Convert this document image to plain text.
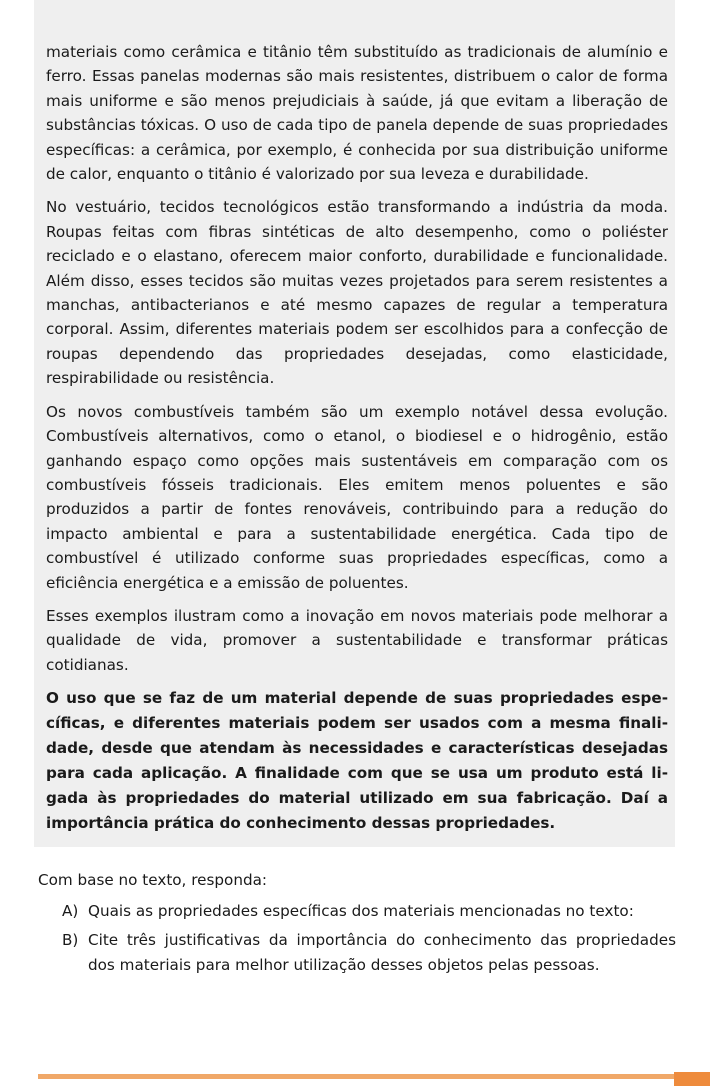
materiais como cerâmica e titânio têm substituído as tradicionais de alumínio e ferro. Essas panelas modernas são mais resistentes, distribuem o calor de forma mais uniforme e são menos prejudiciais à saúde, já que evitam a liberação de substâncias tóxicas. O uso de cada tipo de panela depende de suas propriedades específicas: a cerâmica, por exemplo, é conhecida por sua distribuição uniforme de calor, enquanto o titânio é valorizado por sua leveza e durabilidade.

No vestuário, tecidos tecnológicos estão transformando a indústria da moda. Roupas feitas com fibras sintéticas de alto desempenho, como o poliéster reciclado e o elastano, oferecem maior conforto, durabilidade e funcionalidade. Além disso, esses tecidos são muitas vezes projetados para serem resistentes a manchas, antibacterianos e até mesmo capazes de regular a temperatura corporal. Assim, diferentes materiais podem ser escolhidos para a confecção de roupas dependendo das propriedades desejadas, como elasticidade, respirabilidade ou resistência.

Os novos combustíveis também são um exemplo notável dessa evolução. Combustíveis alternativos, como o etanol, o biodiesel e o hidrogênio, estão ganhando espaço como opções mais sustentáveis em comparação com os combustíveis fósseis tradicionais. Eles emitem menos poluentes e são produzidos a partir de fontes renováveis, contribuindo para a redução do impacto ambiental e para a sustentabilidade energética. Cada tipo de combustível é utilizado conforme suas propriedades específicas, como a eficiência energética e a emissão de poluentes.

Esses exemplos ilustram como a inovação em novos materiais pode melhorar a qualidade de vida, promover a sustentabilidade e transformar práticas cotidianas.

O uso que se faz de um material depende de suas propriedades específicas, e diferentes materiais podem ser usados com a mesma finalidade, desde que atendam às necessidades e características desejadas para cada aplicação. A finalidade com que se usa um produto está ligada às propriedades do material utilizado em sua fabricação. Daí a importância prática do conhecimento dessas propriedades.

Com base no texto, responda:

A) Quais as propriedades específicas dos materiais mencionadas no texto:
B) Cite três justificativas da importância do conhecimento das propriedades dos materiais para melhor utilização desses objetos pelas pessoas.
